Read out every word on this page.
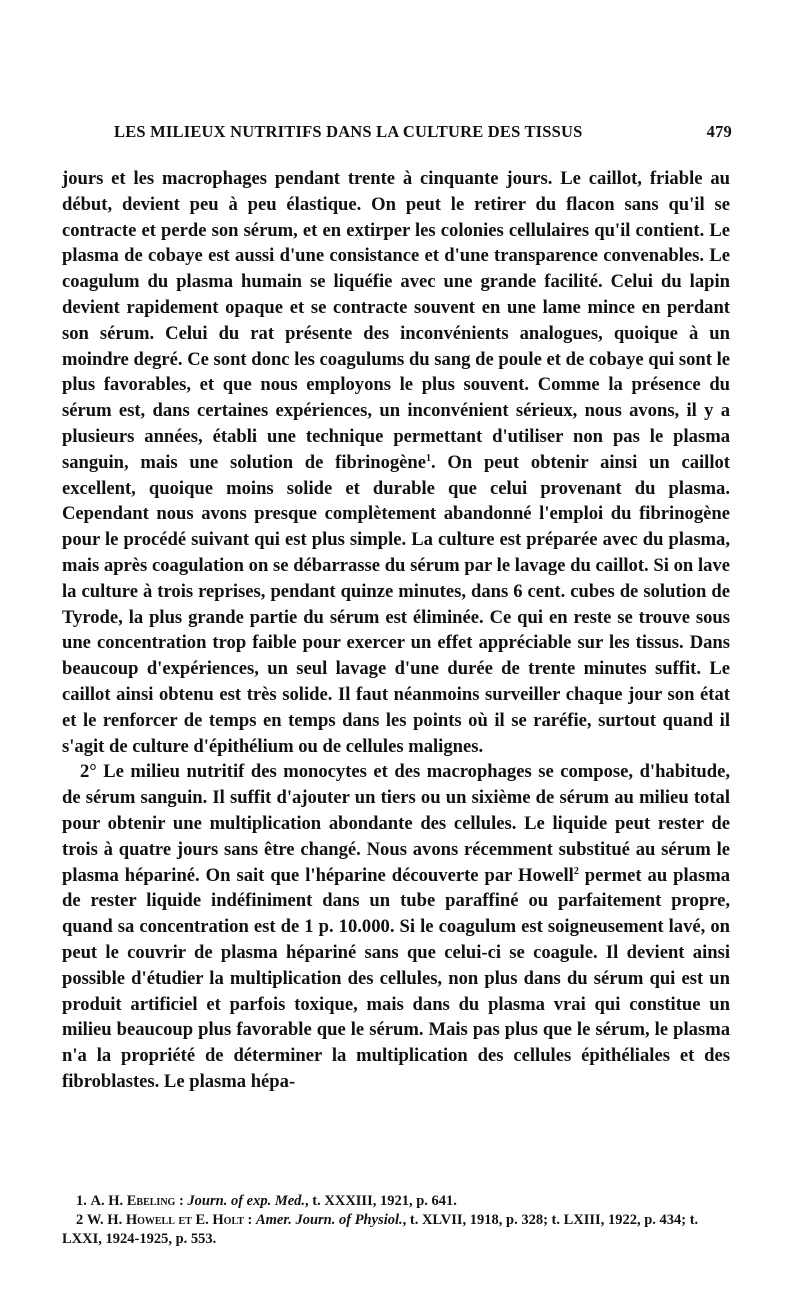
LES MILIEUX NUTRITIFS DANS LA CULTURE DES TISSUS	479

jours et les macrophages pendant trente à cinquante jours. Le caillot, friable au début, devient peu à peu élastique. On peut le retirer du flacon sans qu'il se contracte et perde son sérum, et en extirper les colonies cellulaires qu'il contient. Le plasma de cobaye est aussi d'une consistance et d'une transparence convenables. Le coagulum du plasma humain se liquéfie avec une grande facilité. Celui du lapin devient rapidement opaque et se contracte souvent en une lame mince en perdant son sérum. Celui du rat présente des inconvénients analogues, quoique à un moindre degré. Ce sont donc les coagulums du sang de poule et de cobaye qui sont le plus favorables, et que nous employons le plus souvent. Comme la présence du sérum est, dans certaines expériences, un inconvénient sérieux, nous avons, il y a plusieurs années, établi une technique permettant d'utiliser non pas le plasma sanguin, mais une solution de fibrinogène$^1$. On peut obtenir ainsi un caillot excellent, quoique moins solide et durable que celui provenant du plasma. Cependant nous avons presque complètement abandonné l'emploi du fibrinogène pour le procédé suivant qui est plus simple. La culture est préparée avec du plasma, mais après coagulation on se débarrasse du sérum par le lavage du caillot. Si on lave la culture à trois reprises, pendant quinze minutes, dans 6 cent. cubes de solution de Tyrode, la plus grande partie du sérum est éliminée. Ce qui en reste se trouve sous une concentration trop faible pour exercer un effet appréciable sur les tissus. Dans beaucoup d'expériences, un seul lavage d'une durée de trente minutes suffit. Le caillot ainsi obtenu est très solide. Il faut néanmoins surveiller chaque jour son état et le renforcer de temps en temps dans les points où il se raréfie, surtout quand il s'agit de culture d'épithélium ou de cellules malignes.

2° Le milieu nutritif des monocytes et des macrophages se compose, d'habitude, de sérum sanguin. Il suffit d'ajouter un tiers ou un sixième de sérum au milieu total pour obtenir une multiplication abondante des cellules. Le liquide peut rester de trois à quatre jours sans être changé. Nous avons récemment substitué au sérum le plasma hépariné. On sait que l'héparine découverte par Howell$^2$ permet au plasma de rester liquide indéfiniment dans un tube paraffiné ou parfaitement propre, quand sa concentration est de 1 p. 10.000. Si le coagulum est soigneusement lavé, on peut le couvrir de plasma hépariné sans que celui-ci se coagule. Il devient ainsi possible d'étudier la multiplication des cellules, non plus dans du sérum qui est un produit artificiel et parfois toxique, mais dans du plasma vrai qui constitue un milieu beaucoup plus favorable que le sérum. Mais pas plus que le sérum, le plasma n'a la propriété de déterminer la multiplication des cellules épithéliales et des fibroblastes. Le plasma hépa-

1. A. H. Ebeling : Journ. of exp. Med., t. XXXIII, 1921, p. 641.

2 W. H. Howell et E. Holt : Amer. Journ. of Physiol., t. XLVII, 1918, p. 328; t. LXIII, 1922, p. 434; t. LXXI, 1924-1925, p. 553.
